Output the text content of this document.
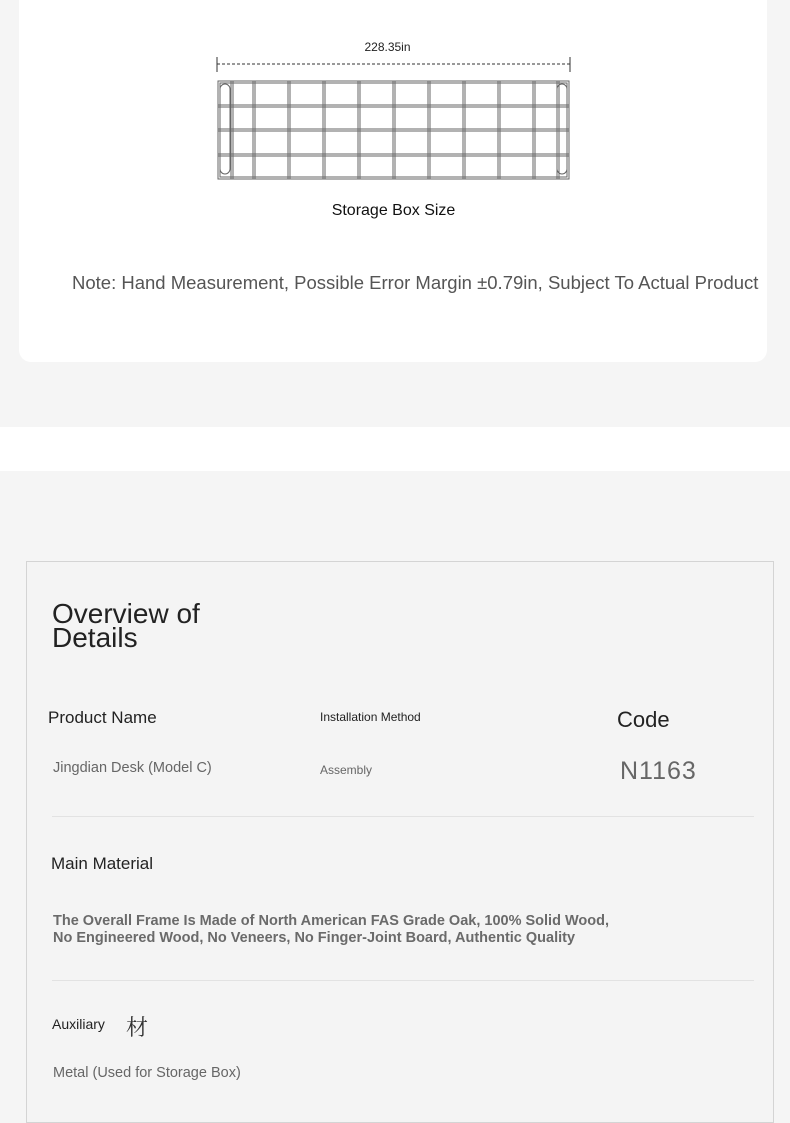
228.35in
Storage Box Size
Note: Hand Measurement, Possible Error Margin ±0.79in, Subject To Actual Product
Overview of
Details
Product Name
Jingdian Desk (Model C)
Installation Method
Assembly
Code
N1163
Main Material
The Overall Frame Is Made of North American FAS Grade Oak, 100% Solid Wood,
No Engineered Wood, No Veneers, No Finger-Joint Board, Authentic Quality
Auxiliary 材
Metal (Used for Storage Box)
